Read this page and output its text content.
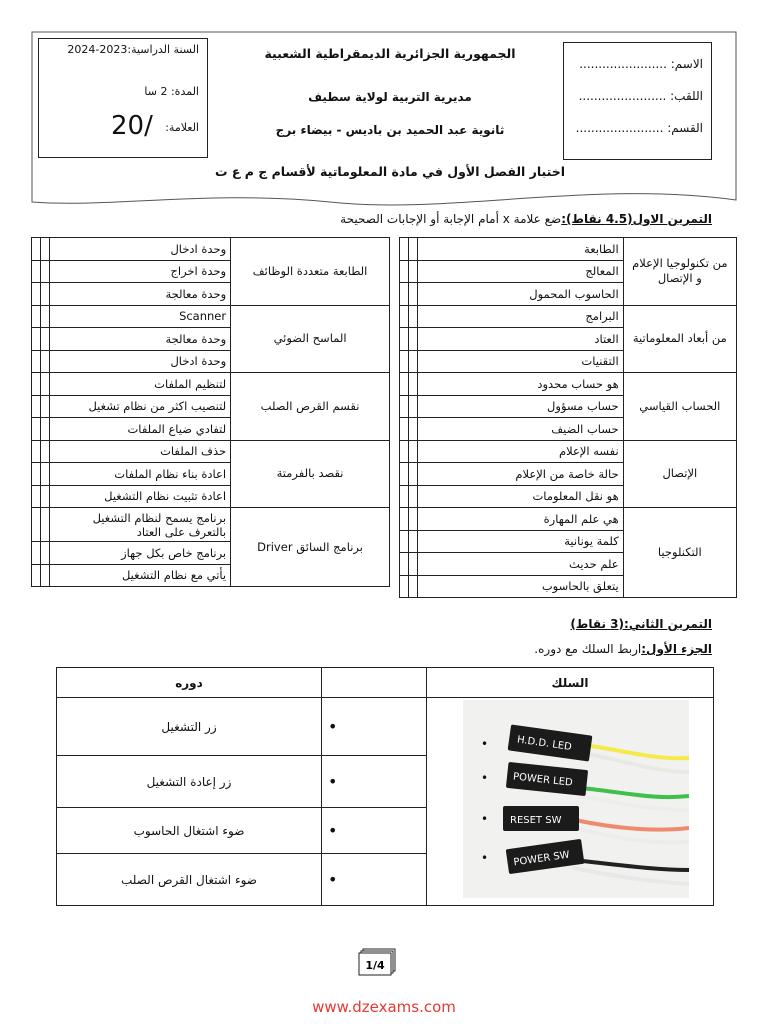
السنة الدراسية:2023-2024
المدة: 2 سا
العلامة:
20/
الاسم: .......................
اللقب: .......................
القسم: .......................
الجمهورية الجزائرية الديمقراطية الشعبية
مديرية التربية لولاية سطيف
ثانوية عبد الحميد بن باديس - بيضاء برج
اختبار الفصل الأول في مادة المعلوماتية لأقسام ج م ع ت
التمرين الاول(4.5 نقاط):ضع علامة x أمام الإجابة أو الإجابات الصحيحة
من تكنولوجيا الإعلام و الإتصال	الطابعة		
	المعالج		
	الحاسوب المحمول		
من أبعاد المعلوماتية	البرامج		
	العتاد		
	التقنيات		
الحساب القياسي	هو حساب محدود		
	حساب مسؤول		
	حساب الضيف		
الإتصال	نفسه الإعلام		
	حالة خاصة من الإعلام		
	هو نقل المعلومات		
التكنلوجيا	هي علم المهارة		
	كلمة يونانية		
	علم حديث		
	يتعلق بالحاسوب		
الطابعة متعددة الوظائف	وحدة ادخال		
	وحدة اخراج		
	وحدة معالجة		
الماسح الضوئي	Scanner		
	وحدة معالجة		
	وحدة ادخال		
نقسم القرص الصلب	لتنظيم الملفات		
	لتنصيب اكثر من نظام تشغيل		
	لتفادي ضياع الملفات		
نقصد بالفرمتة	حذف الملفات		
	اعادة بناء نظام الملفات		
	اعادة تثبيت نظام التشغيل		
برنامج السائق Driver	برنامج يسمح لنظام التشغيل بالتعرف على العتاد		
	برنامج خاص بكل جهاز		
	يأتي مع نظام التشغيل		
التمرين الثاني:(3 نقاط)
الجزء الأول:اربط السلك مع دوره.
دوره		السلك
زر التشغيل	•	
زر إعادة التشغيل	•	
ضوء اشتغال الحاسوب	•	
ضوء اشتغال القرص الصلب	•	
H.D.D. LED
POWER LED
RESET SW
POWER SW
•
•
•
•
1/4
www.dzexams.com
